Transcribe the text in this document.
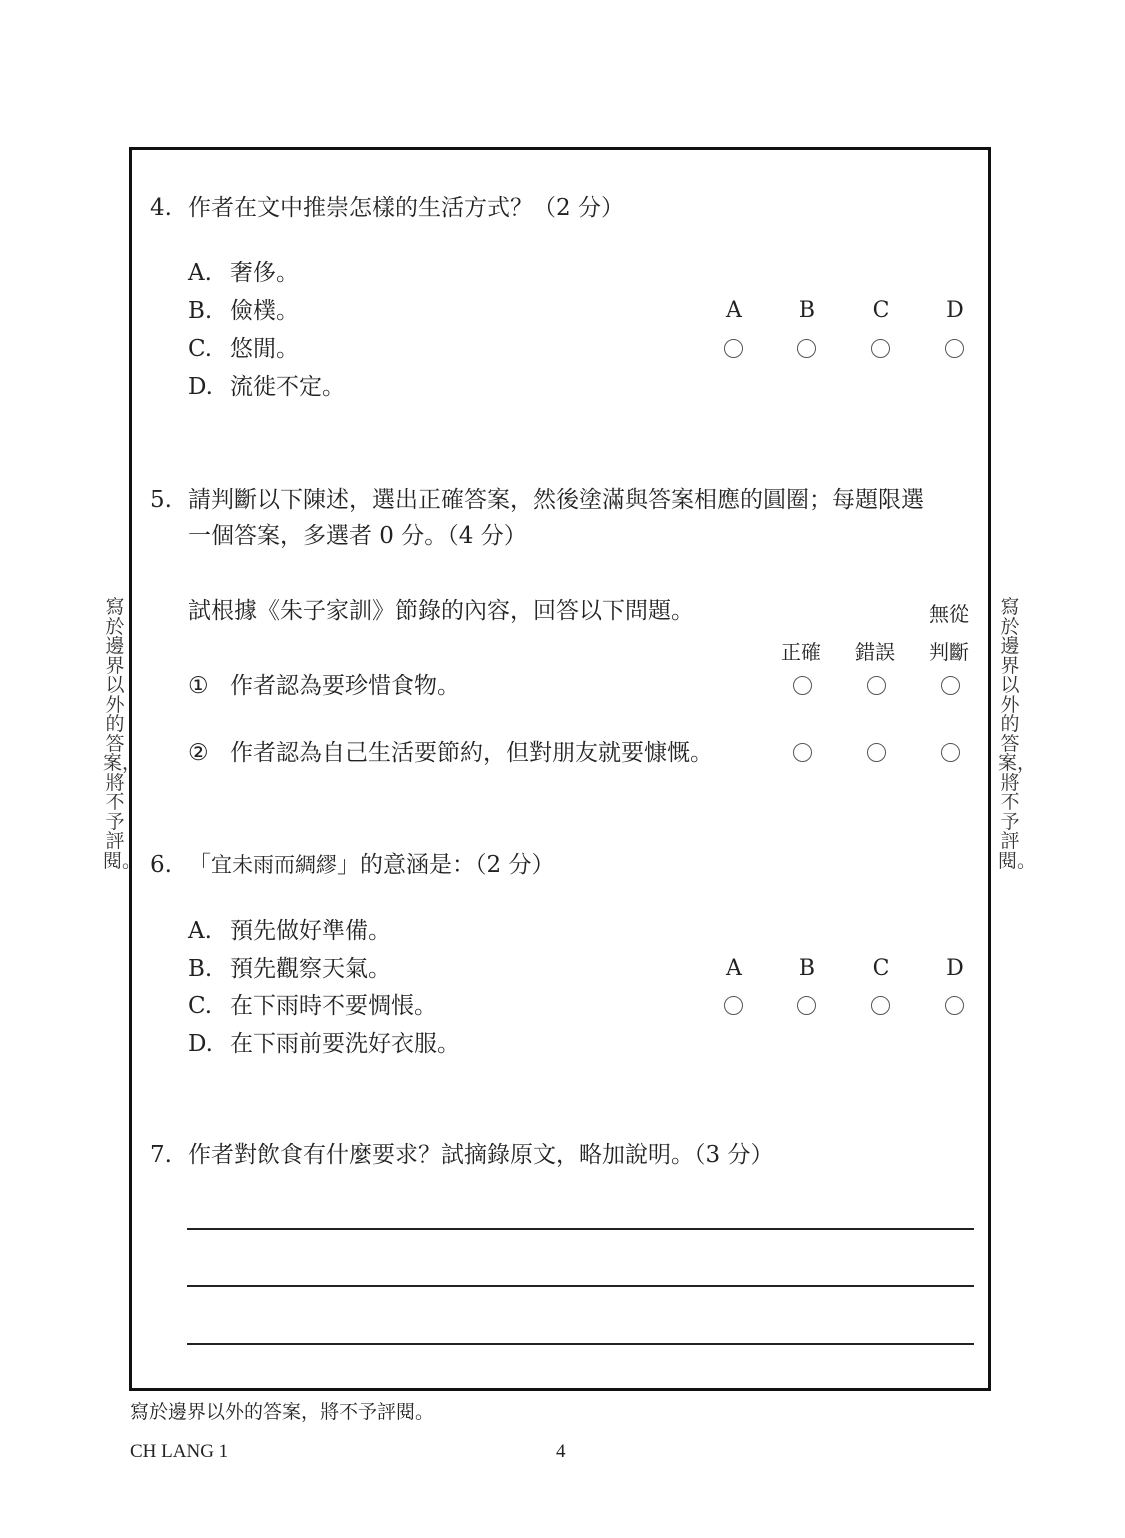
寫於邊界以外的答案，將不予評閱。
寫於邊界以外的答案，將不予評閱。
4. 作者在文中推崇怎樣的生活方式？（2 分）
A. 奢侈。
B. 儉樸。
C. 悠閒。
D. 流徙不定。
A	B	C	D
5. 請判斷以下陳述，選出正確答案，然後塗滿與答案相應的圓圈；每題限選
一個答案，多選者 0 分。（4 分）
試根據《朱子家訓》節錄的內容，回答以下問題。	無從
正確 錯誤 判斷
① 作者認為要珍惜食物。
② 作者認為自己生活要節約，但對朋友就要慷慨。
6. 「宜未雨而綢繆」的意涵是：（2 分）
A. 預先做好準備。
B. 預先觀察天氣。
C. 在下雨時不要惆悵。
D. 在下雨前要洗好衣服。
A	B	C	D
7. 作者對飲食有什麼要求？試摘錄原文，略加說明。（3 分）
寫於邊界以外的答案，將不予評閱。
CH LANG 1	4
